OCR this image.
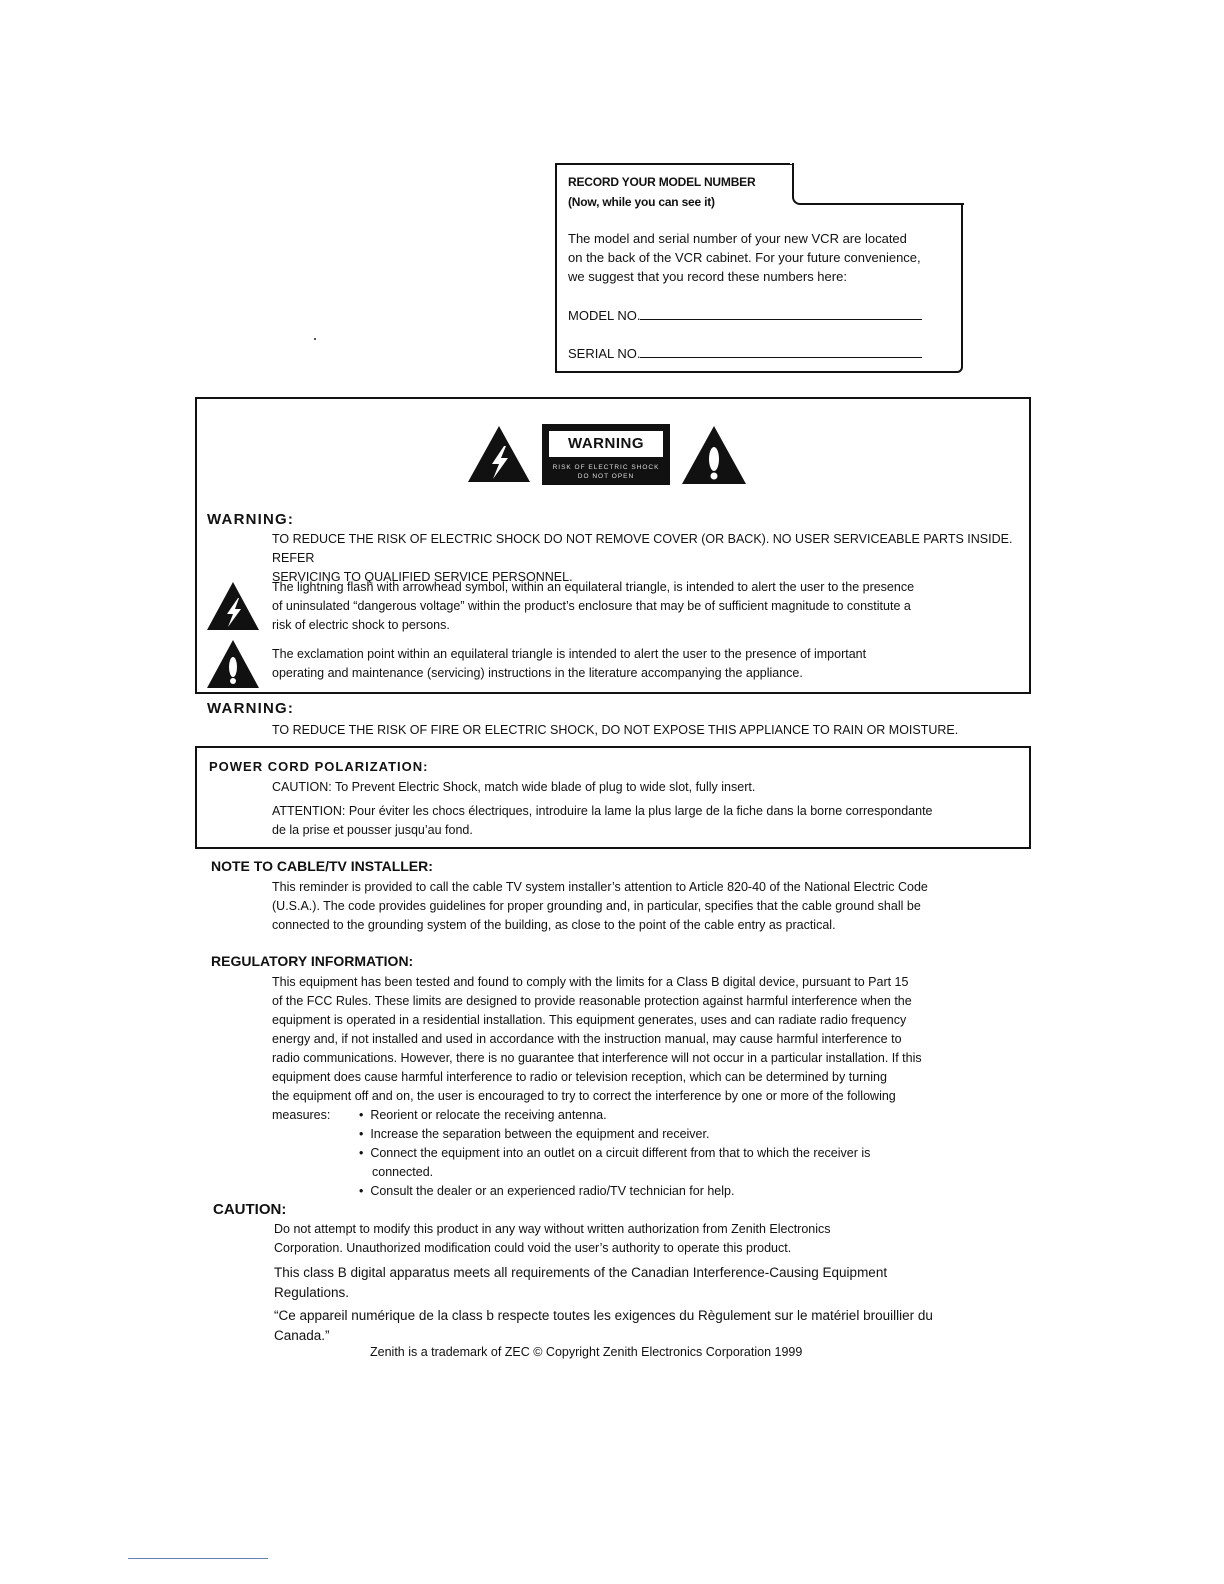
RECORD YOUR MODEL NUMBER
(Now, while you can see it)

The model and serial number of your new VCR are located

on the back of the VCR cabinet. For your future convenience,

we suggest that you record these numbers here:

MODEL NO.
SERIAL NO.
WARNING
RISK OF ELECTRIC SHOCK
DO NOT OPEN
WARNING:

TO REDUCE THE RISK OF ELECTRIC SHOCK DO NOT REMOVE COVER (OR BACK). NO USER SERVICEABLE PARTS INSIDE. REFER

SERVICING TO QUALIFIED SERVICE PERSONNEL.

The lightning flash with arrowhead symbol, within an equilateral triangle, is intended to alert the user to the presence

of uninsulated “dangerous voltage” within the product’s enclosure that may be of sufficient magnitude to constitute a

risk of electric shock to persons.

The exclamation point within an equilateral triangle is intended to alert the user to the presence of important

operating and maintenance (servicing) instructions in the literature accompanying the appliance.

WARNING:
TO REDUCE THE RISK OF FIRE OR ELECTRIC SHOCK, DO NOT EXPOSE THIS APPLIANCE TO RAIN OR MOISTURE.
POWER CORD POLARIZATION:
CAUTION: To Prevent Electric Shock, match wide blade of plug to wide slot, fully insert.

ATTENTION: Pour éviter les chocs électriques, introduire la lame la plus large de la fiche dans la borne correspondante

de la prise et pousser jusqu’au fond.

NOTE TO CABLE/TV INSTALLER:

This reminder is provided to call the cable TV system installer’s attention to Article 820-40 of the National Electric Code

(U.S.A.). The code provides guidelines for proper grounding and, in particular, specifies that the cable ground shall be

connected to the grounding system of the building, as close to the point of the cable entry as practical.

REGULATORY INFORMATION:

This equipment has been tested and found to comply with the limits for a Class B digital device, pursuant to Part 15

of the FCC Rules. These limits are designed to provide reasonable protection against harmful interference when the

equipment is operated in a residential installation. This equipment generates, uses and can radiate radio frequency

energy and, if not installed and used in accordance with the instruction manual, may cause harmful interference to

radio communications. However, there is no guarantee that interference will not occur in a particular installation. If this

equipment does cause harmful interference to radio or television reception, which can be determined by turning

the equipment off and on, the user is encouraged to try to correct the interference by one or more of the following

measures: •  Reorient or relocate the receiving antenna.
•  Increase the separation between the equipment and receiver.
•  Connect the equipment into an outlet on a circuit different from that to which the receiver is
connected.
•  Consult the dealer or an experienced radio/TV technician for help.
CAUTION:

Do not attempt to modify this product in any way without written authorization from Zenith Electronics

Corporation. Unauthorized modification could void the user’s authority to operate this product.

This class B digital apparatus meets all requirements of the Canadian Interference-Causing Equipment

Regulations.

“Ce appareil numérique de la class b respecte toutes les exigences du Règulement sur le matériel brouillier du

Canada.”

Zenith is a trademark of ZEC © Copyright Zenith Electronics Corporation 1999
